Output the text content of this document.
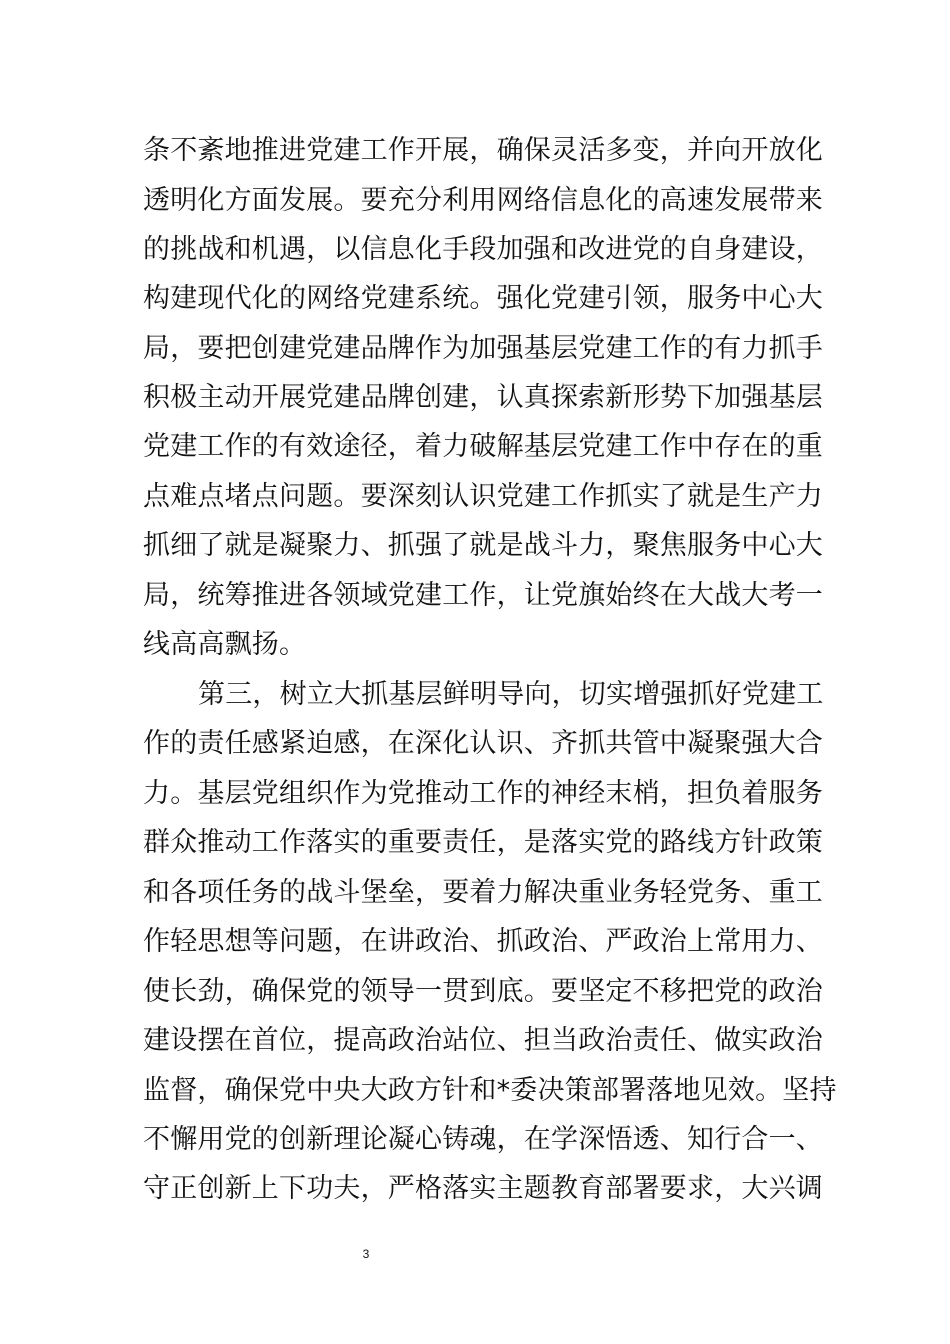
条不紊地推进党建工作开展，确保灵活多变，并向开放化
透明化方面发展。要充分利用网络信息化的高速发展带来
的挑战和机遇，以信息化手段加强和改进党的自身建设，
构建现代化的网络党建系统。强化党建引领，服务中心大
局，要把创建党建品牌作为加强基层党建工作的有力抓手
积极主动开展党建品牌创建，认真探索新形势下加强基层
党建工作的有效途径，着力破解基层党建工作中存在的重
点难点堵点问题。要深刻认识党建工作抓实了就是生产力
抓细了就是凝聚力、抓强了就是战斗力，聚焦服务中心大
局，统筹推进各领域党建工作，让党旗始终在大战大考一
线高高飘扬。
第三，树立大抓基层鲜明导向，切实增强抓好党建工
作的责任感紧迫感，在深化认识、齐抓共管中凝聚强大合
力。基层党组织作为党推动工作的神经末梢，担负着服务
群众推动工作落实的重要责任，是落实党的路线方针政策
和各项任务的战斗堡垒，要着力解决重业务轻党务、重工
作轻思想等问题，在讲政治、抓政治、严政治上常用力、
使长劲，确保党的领导一贯到底。要坚定不移把党的政治
建设摆在首位，提高政治站位、担当政治责任、做实政治
监督，确保党中央大政方针和*委决策部署落地见效。坚持
不懈用党的创新理论凝心铸魂，在学深悟透、知行合一、
守正创新上下功夫，严格落实主题教育部署要求，大兴调
3
